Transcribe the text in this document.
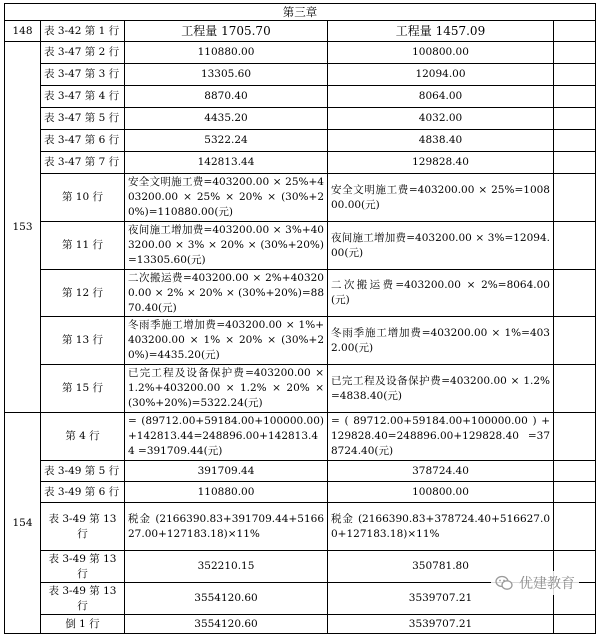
第三章				
148	表 3-42 第 1 行	工程量 1705.70	工程量 1457.09	
153	表 3-47 第 2 行	110880.00	100800.00	
	表 3-47 第 3 行	13305.60	12094.00	
	表 3-47 第 4 行	8870.40	8064.00	
	表 3-47 第 5 行	4435.20	4032.00	
	表 3-47 第 6 行	5322.24	4838.40	
	表 3-47 第 7 行	142813.44	129828.40	
	第 10 行	安全文明施工费=403200.00 × 25%+403200.00 × 25% × 20% × (30%+20%)=110880.00(元)	安全文明施工费=403200.00 × 25%=100800.00(元)	
	第 11 行	夜间施工增加费=403200.00 × 3%+403200.00 × 3% × 20% × (30%+20%)=13305.60(元)	夜间施工增加费=403200.00 × 3%=12094.00(元)	
	第 12 行	二次搬运费=403200.00 × 2%+403200.00 × 2% × 20% × (30%+20%)=8870.40(元)	二次搬运费=403200.00 × 2%=8064.00(元)	
	第 13 行	冬雨季施工增加费=403200.00 × 1%+403200.00 × 1% × 20% × (30%+20%)=4435.20(元)	冬雨季施工增加费=403200.00 × 1%=4032.00(元)	
	第 15 行	已完工程及设备保护费=403200.00 × 1.2%+403200.00 × 1.2% × 20% × (30%+20%)=5322.24(元)	已完工程及设备保护费=403200.00 × 1.2%=4838.40(元)	
154	第 4 行	= (89712.00+59184.00+100000.00) +142813.44=248896.00+142813.44 =391709.44(元)	= ( 89712.00+59184.00+100000.00 ) +129828.40=248896.00+129828.40 =378724.40(元)	
	表 3-49 第 5 行	391709.44	378724.40	
	表 3-49 第 6 行	110880.00	100800.00	
	表 3-49 第 13 行	税金 (2166390.83+391709.44+516627.00+127183.18)×11%	税金 (2166390.83+378724.40+516627.00+127183.18)×11%	
	表 3-49 第 13 行	352210.15	350781.80	
	表 3-49 第 13 行	3554120.60	3539707.21	
	倒 1 行	3554120.60	3539707.21	
优建教育
